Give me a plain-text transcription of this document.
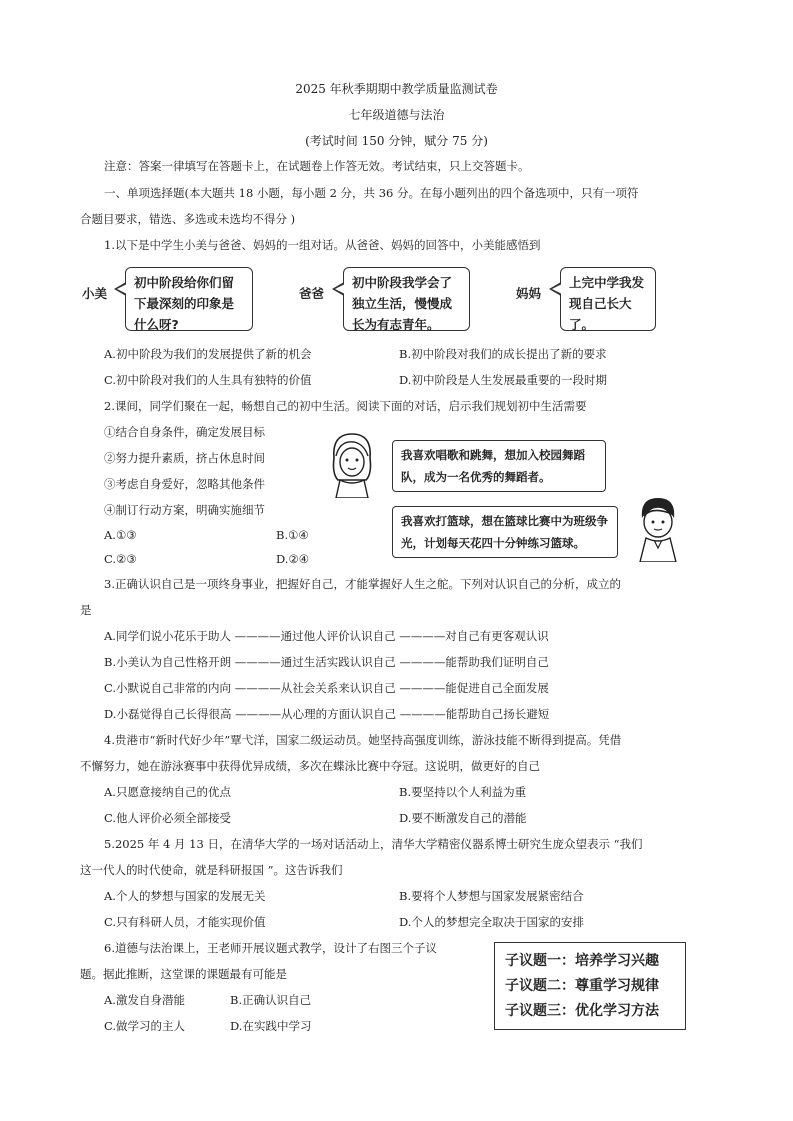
2025 年秋季期期中教学质量监测试卷
七年级道德与法治
(考试时间 150 分钟，赋分 75 分)
注意：答案一律填写在答题卡上，在试题卷上作答无效。考试结束，只上交答题卡。
一、单项选择题(本大题共 18 小题，每小题 2 分，共 36 分。在每小题列出的四个备选项中，只有一项符
合题目要求，错选、多选或未选均不得分 )
1.以下是中学生小美与爸爸、妈妈的一组对话。从爸爸、妈妈的回答中，小美能感悟到
小美
初中阶段给你们留下最深刻的印象是什么呀?
爸爸
初中阶段我学会了独立生活，慢慢成长为有志青年。
妈妈
上完中学我发现自己长大了。
A.初中阶段为我们的发展提供了新的机会	B.初中阶段对我们的成长提出了新的要求
C.初中阶段对我们的人生具有独特的价值	D.初中阶段是人生发展最重要的一段时期
2.课间，同学们聚在一起，畅想自己的初中生活。阅读下面的对话，启示我们规划初中生活需要
①结合自身条件，确定发展目标
②努力提升素质，挤占休息时间
③考虑自身爱好，忽略其他条件
④制订行动方案，明确实施细节
A.①③	B.①④
C.②③	D.②④
我喜欢唱歌和跳舞，想加入校园舞蹈队，成为一名优秀的舞蹈者。
我喜欢打篮球，想在篮球比赛中为班级争光，计划每天花四十分钟练习篮球。
3.正确认识自己是一项终身事业，把握好自己，才能掌握好人生之舵。下列对认识自己的分析，成立的
是
A.同学们说小花乐于助人 ————通过他人评价认识自己 ————对自己有更客观认识
B.小美认为自己性格开朗 ————通过生活实践认识自己 ————能帮助我们证明自己
C.小默说自己非常的内向 ————从社会关系来认识自己 ————能促进自己全面发展
D.小磊觉得自己长得很高 ————从心理的方面认识自己 ————能帮助自己扬长避短
4.贵港市“新时代好少年”覃弋洋，国家二级运动员。她坚持高强度训练，游泳技能不断得到提高。凭借
不懈努力，她在游泳赛事中获得优异成绩，多次在蝶泳比赛中夺冠。这说明，做更好的自己
A.只愿意接纳自己的优点	B.要坚持以个人利益为重
C.他人评价必须全部接受	D.要不断激发自己的潜能
5.2025 年 4 月 13 日，在清华大学的一场对话活动上，清华大学精密仪器系博士研究生庞众望表示 “我们
这一代人的时代使命，就是科研报国 ”。这告诉我们
A.个人的梦想与国家的发展无关	B.要将个人梦想与国家发展紧密结合
C.只有科研人员，才能实现价值	D.个人的梦想完全取决于国家的安排
6.道德与法治课上，王老师开展议题式教学，设计了右图三个子议
题。据此推断，这堂课的课题最有可能是
A.激发自身潜能	B.正确认识自己
C.做学习的主人	D.在实践中学习
子议题一：培养学习兴趣
子议题二：尊重学习规律
子议题三：优化学习方法
